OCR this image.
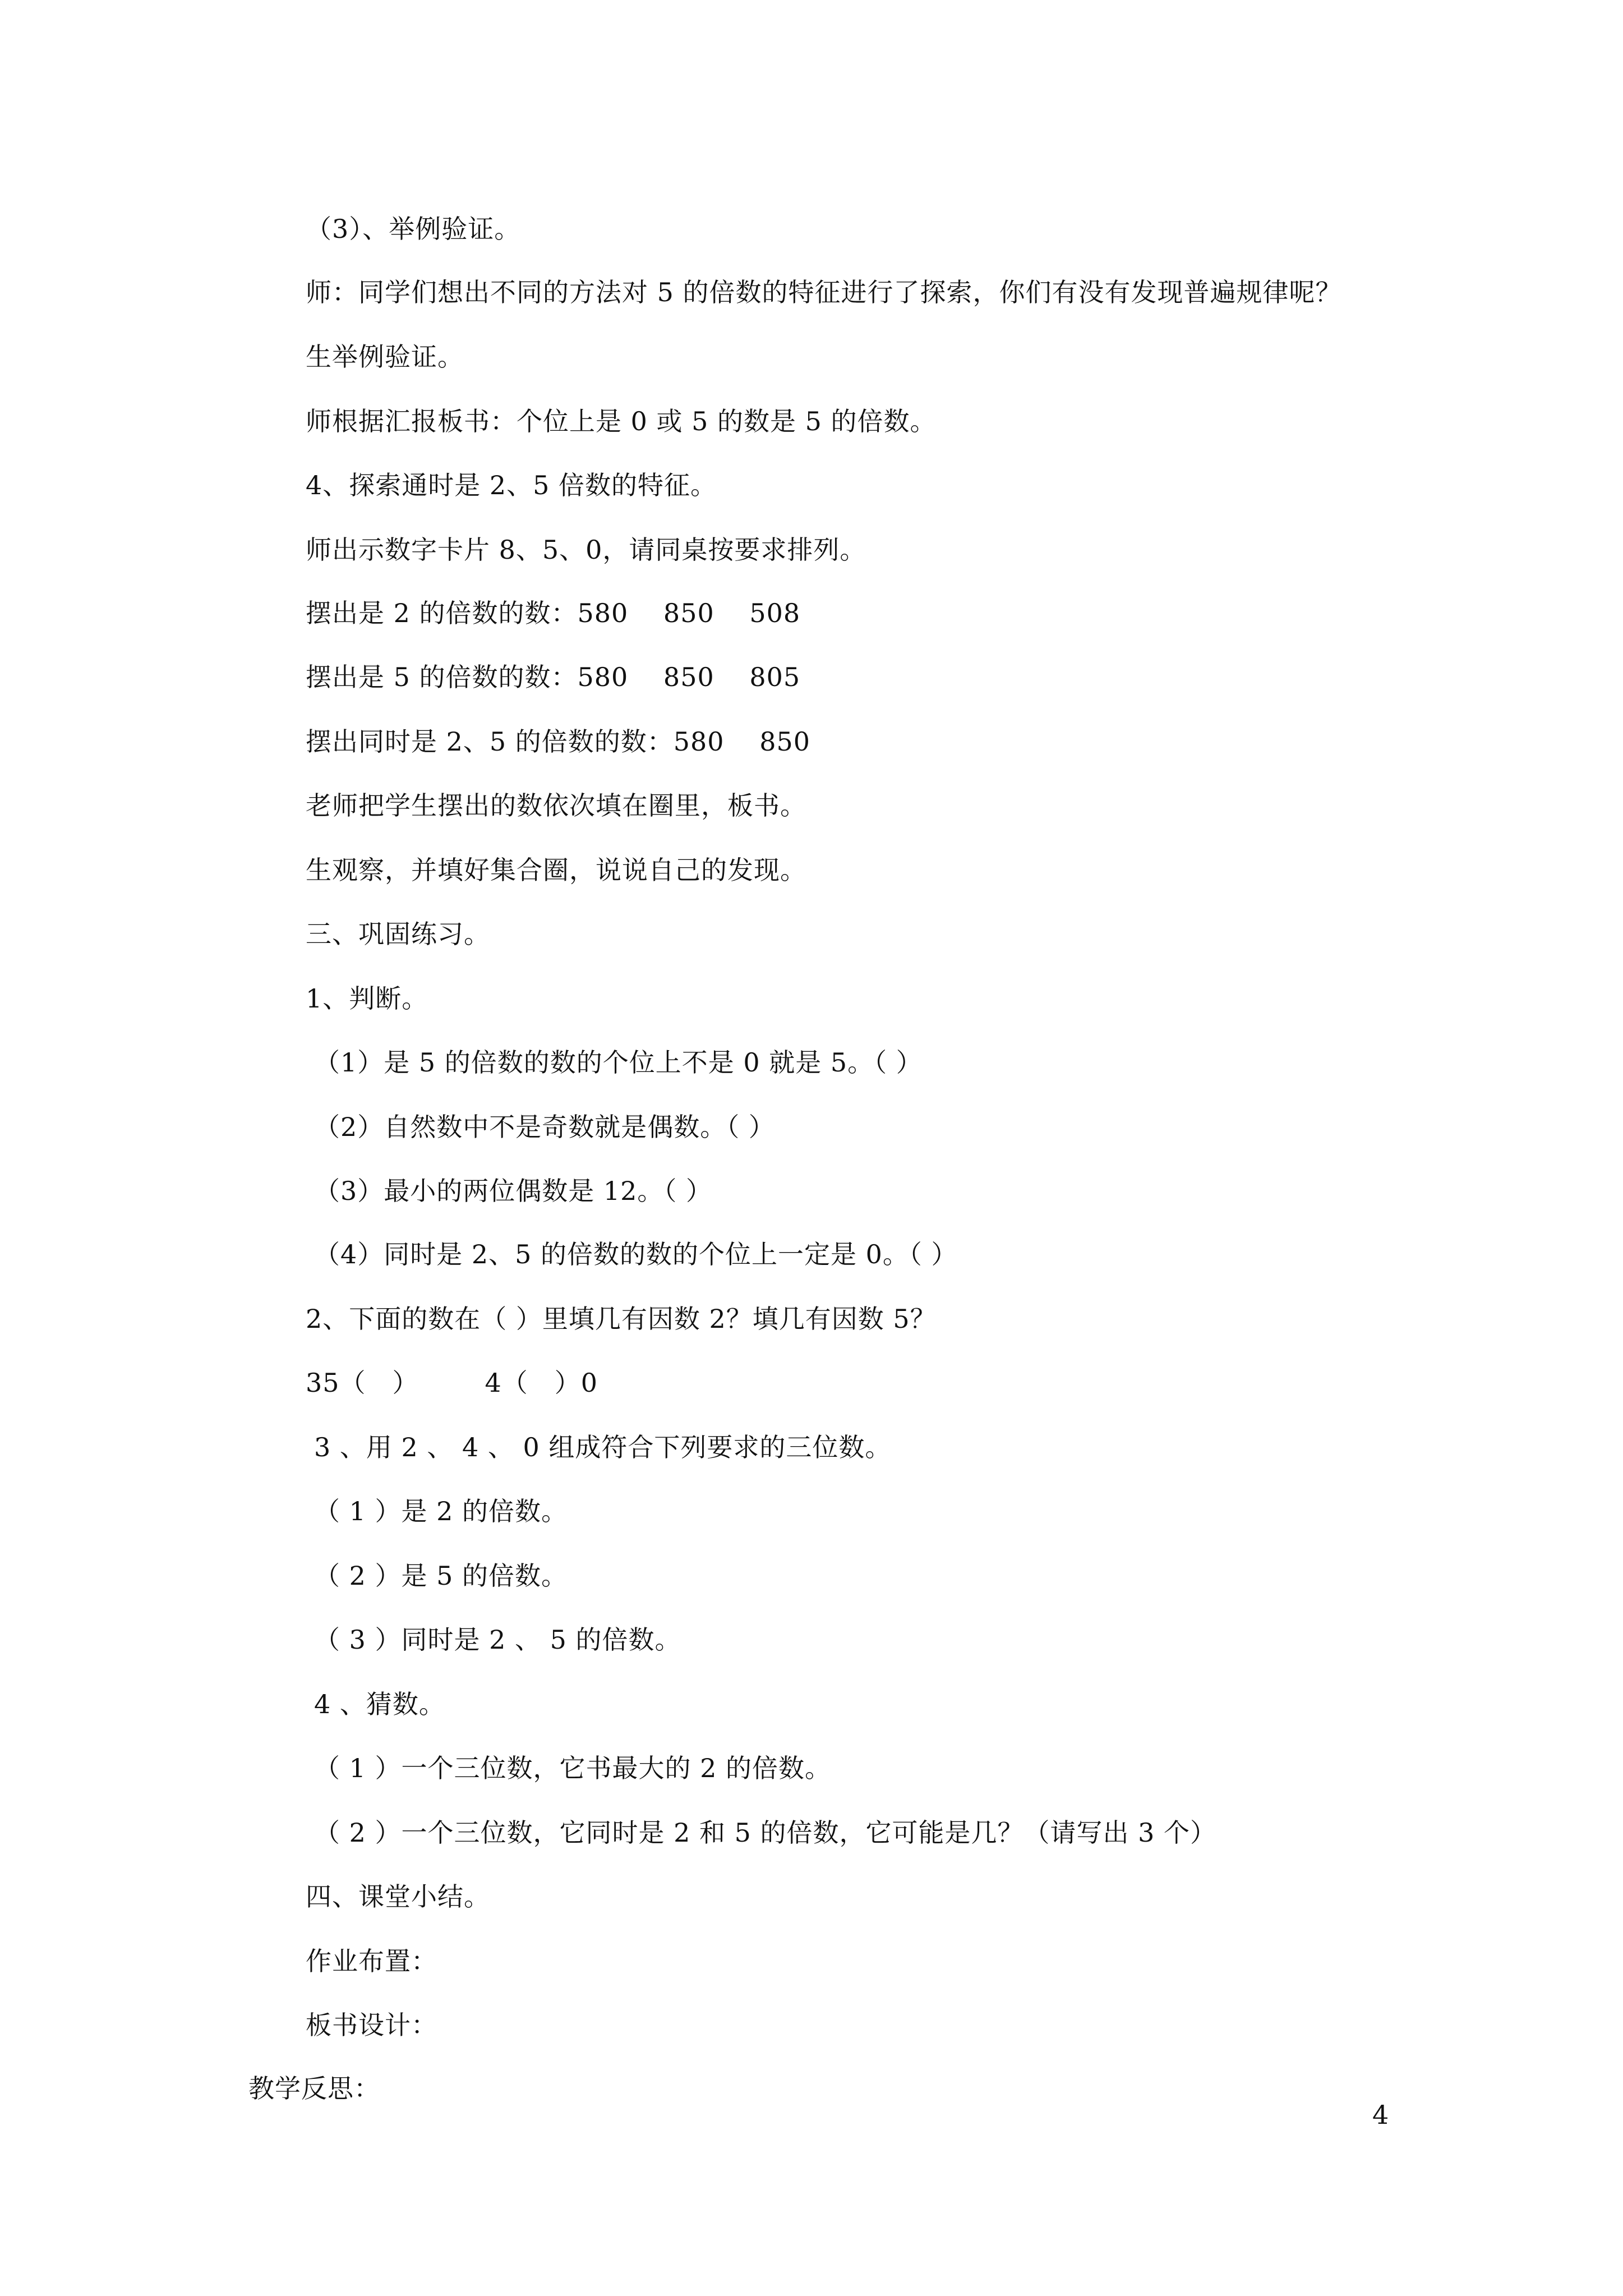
（3）、举例验证。
师：同学们想出不同的方法对 5 的倍数的特征进行了探索，你们有没有发现普遍规律呢？
生举例验证。
师根据汇报板书：个位上是 0 或 5 的数是 5 的倍数。
4、探索通时是 2、5 倍数的特征。
师出示数字卡片 8、5、0，请同桌按要求排列。
摆出是 2 的倍数的数：580　 850　 508
摆出是 5 的倍数的数：580　 850　 805
摆出同时是 2、5 的倍数的数：580　 850
老师把学生摆出的数依次填在圈里，板书。
生观察，并填好集合圈，说说自己的发现。
三、巩固练习。
1、判断。
（1）是 5 的倍数的数的个位上不是 0 就是 5。（ ）
（2）自然数中不是奇数就是偶数。（ ）
（3）最小的两位偶数是 12。（ ）
（4）同时是 2、5 的倍数的数的个位上一定是 0。（ ）
2、下面的数在（ ）里填几有因数 2？填几有因数 5？
35（　）　　　4（　）0
3 、用 2 、 4 、 0 组成符合下列要求的三位数。
（ 1 ）是 2 的倍数。
（ 2 ）是 5 的倍数。
（ 3 ）同时是 2 、 5 的倍数。
4 、猜数。
（ 1 ）一个三位数，它书最大的 2 的倍数。
（ 2 ）一个三位数，它同时是 2 和 5 的倍数，它可能是几？（请写出 3 个）
四、课堂小结。
作业布置：
板书设计：
教学反思：
4
